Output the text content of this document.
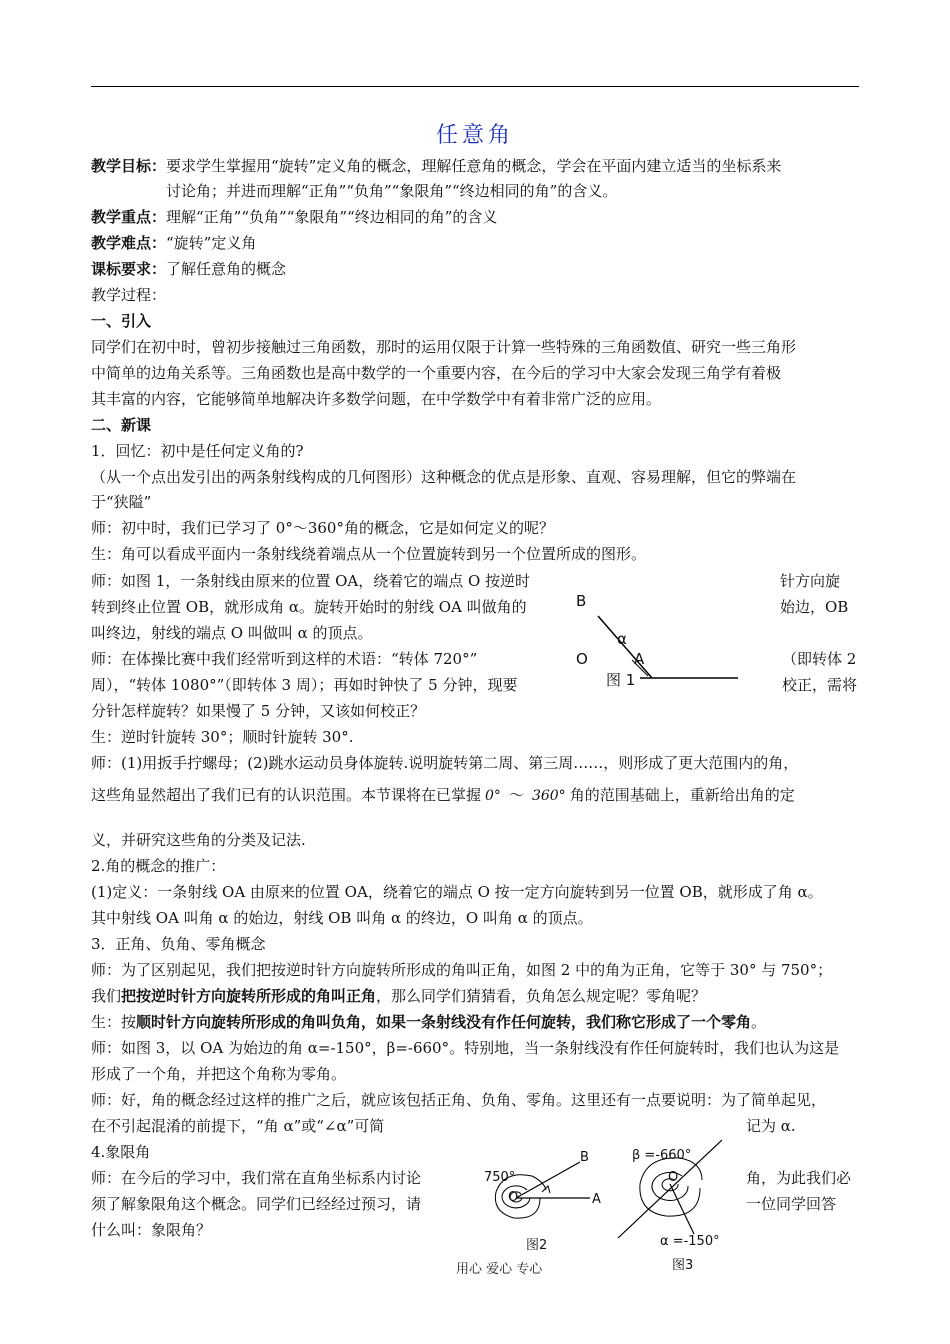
任意角
教学目标：要求学生掌握用“旋转”定义角的概念，理解任意角的概念，学会在平面内建立适当的坐标系来
讨论角；并进而理解“正角”“负角”“象限角”“终边相同的角”的含义。
教学重点：理解“正角”“负角”“象限角”“终边相同的角”的含义
教学难点：“旋转”定义角
课标要求：了解任意角的概念
教学过程：
一、引入
同学们在初中时，曾初步接触过三角函数，那时的运用仅限于计算一些特殊的三角函数值、研究一些三角形
中简单的边角关系等。三角函数也是高中数学的一个重要内容，在今后的学习中大家会发现三角学有着极
其丰富的内容，它能够简单地解决许多数学问题，在中学数学中有着非常广泛的应用。
二、新课
1．回忆：初中是任何定义角的?
（从一个点出发引出的两条射线构成的几何图形）这种概念的优点是形象、直观、容易理解，但它的弊端在
于“狭隘”
师：初中时，我们已学习了 0°～360°角的概念，它是如何定义的呢？
生：角可以看成平面内一条射线绕着端点从一个位置旋转到另一个位置所成的图形。
师：如图 1，一条射线由原来的位置 OA，绕着它的端点 O 按逆时	针方向旋
转到终止位置 OB，就形成角 α。旋转开始时的射线 OA 叫做角的	始边，OB
叫终边，射线的端点 O 叫做叫 α 的顶点。
师：在体操比赛中我们经常听到这样的术语：“转体 720°”	（即转体 2
周），“转体 1080°”（即转体 3 周）；再如时钟快了 5 分钟，现要	校正，需将
分针怎样旋转？如果慢了 5 分钟，又该如何校正？
生：逆时针旋转 30°；顺时针旋转 30°.
B
α
O	A
图 1
师：(1)用扳手拧螺母；(2)跳水运动员身体旋转.说明旋转第二周、第三周……，则形成了更大范围内的角，
这些角显然超出了我们已有的认识范围。本节课将在已掌握 0° ～ 360° 角的范围基础上，重新给出角的定
义，并研究这些角的分类及记法.
2.角的概念的推广：
(1)定义：一条射线 OA 由原来的位置 OA，绕着它的端点 O 按一定方向旋转到另一位置 OB，就形成了角 α。
其中射线 OA 叫角 α 的始边，射线 OB 叫角 α 的终边，O 叫角 α 的顶点。
3．正角、负角、零角概念
师：为了区别起见，我们把按逆时针方向旋转所形成的角叫正角，如图 2 中的角为正角，它等于 30° 与 750°；
我们把按逆时针方向旋转所形成的角叫正角，那么同学们猜猜看，负角怎么规定呢？零角呢？
生：按顺时针方向旋转所形成的角叫负角，如果一条射线没有作任何旋转，我们称它形成了一个零角。
师：如图 3，以 OA 为始边的角 α=-150°，β=-660°。特别地，当一条射线没有作任何旋转时，我们也认为这是
形成了一个角，并把这个角称为零角。
师：好，角的概念经过这样的推广之后，就应该包括正角、负角、零角。这里还有一点要说明：为了简单起见，
在不引起混淆的前提下，“角 α”或“∠α”可简	记为 α.
4.象限角
师：在今后的学习中，我们常在直角坐标系内讨论	角，为此我们必
须了解象限角这个概念。同学们已经经过预习，请	一位同学回答
什么叫：象限角？
750°
B
O	A
图2
β =-660°
O
α =-150°
图3
用心 爱心 专心
